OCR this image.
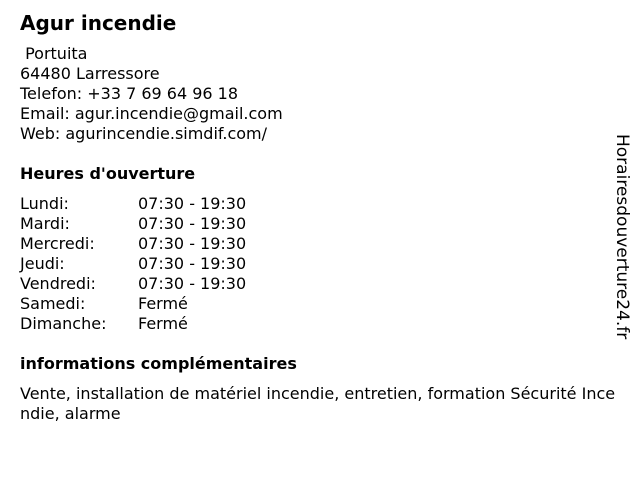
Agur incendie
Portuita
64480 Larressore
Telefon: +33 7 69 64 96 18
Email: agur.incendie@gmail.com
Web: agurincendie.simdif.com/
Heures d'ouverture
Lundi:	07:30 - 19:30
Mardi:	07:30 - 19:30
Mercredi:	07:30 - 19:30
Jeudi:	07:30 - 19:30
Vendredi:	07:30 - 19:30
Samedi:	Fermé
Dimanche:	Fermé
informations complémentaires
Vente, installation de matériel incendie, entretien, formation Sécurité Incendie, alarme
Horairesdouverture24.fr
